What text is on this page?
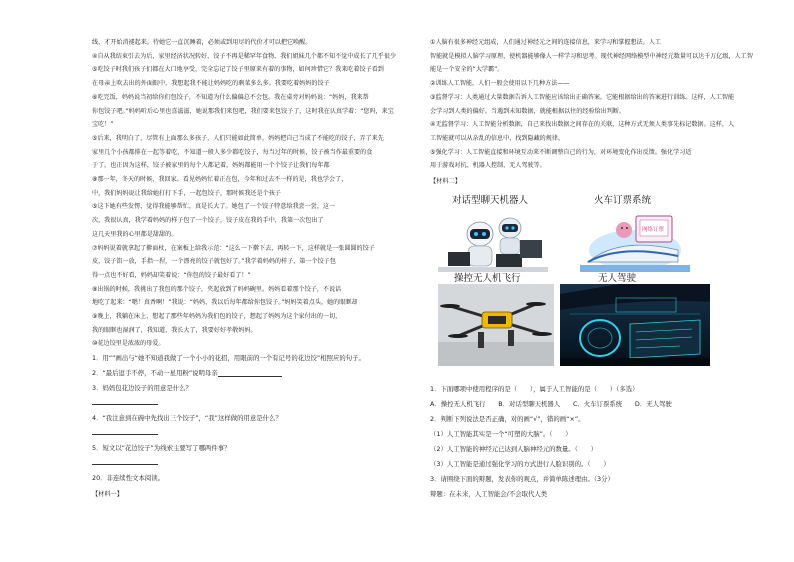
线，才开始消褪起来。待她它一直沉睡着，必须或到用尽的代价才可以把它唤醒。

④自从我结束引去为后，家里经济状况转好，饺子不再是稀罕年食物，我们姐妹几个都不知不觉中成长了几乎很少

⑤吃饺子时我们孩子们都在大口地享受，完全忘记了饺子里原来有着的事物，如何珍惜它？我来吃着饺子看到

在母亲上吹去出的外面眼中，我想起我不能让妈妈吃的剩菜多么多。我要吃着妈妈的饺子

⑥吃完饭，妈妈说当初给你们包饺子，不知道为什么偏偏总不会包。我在桌旁对妈妈说：“妈妈，我来帮

你包饺子吧。”妈妈听后心里也喜滋滋，她说那我们来包吧，我们要来包饺子了，这时我在认真学着：“您吗，来宝

宝吃！”

⑤后来，我明白了，尽管有上面那么多孩子，人们只能如此简单，妈妈把自己当成了不能吃的饺子，弄了来先

家里几个小孩都排在一起等着吃，不知道一般人多少都吃饺子，每当过年的时候，饺子被当作最重要的食

于了。也正因为这样，饺子被家里的每个人都记着，妈妈都能用一个个饺子让我们每年都

⑧那一年，冬天的时候，我回家。看见妈妈忙着正在包，今年和过去不一样的是，我也学会了，

中，我们妈妈说让我给她打打下手，一起包饺子，那时候我还是个孩子

⑤这下她有些发愣，觉得我能够帮忙，真是长大了。她包了一个饺子特意给我尝一尝，这一

次，我很认真，我学着妈妈的样子包了一个饺子，饺子皮在我的手中，我第一次包出了

这几天里我的心里都是甜甜的。

⑦妈妈说着就拿起了擀面杖，在案板上给我示范：“这么一下擀下去，再转一下，这样就是一张圆圆的饺子

皮，饺子馅一放，手指一捏，一个漂亮的饺子就包好了。”我学着妈妈的样子，第一个饺子包

得一点也不好看，妈妈却笑着说：“你包的饺子最好看了！”

⑧出锅的时候，我挑出了我包的那个饺子，夹起放到了妈妈碗里。妈妈看着那个饺子，不说话

地吃了起来：“嗯！真香啊！”我说：“妈妈，我以后每年都给你包饺子。”妈妈笑着点头，她的眼眶却

⑨晚上，我躺在床上，想起了那些年妈妈为我们包的饺子，想起了妈妈为这个家付出的一切，

我的眼眶也湿润了，我知道，我长大了，我要好好孝敬妈妈。

⑩花边饺里是浓浓的母爱。

1．用“”画出与“她不知道我做了一个小小的花招，用眼前的一个有记号的花边饺”相照应的句子。

2．“最后逗手不停，不动一星用粉”说明母亲

3．妈妈包花边饺子的用意是什么？

4．“我注意到在碗中先找出三个饺子”，“我”这样做的用意是什么？

5．短文以“花边饺子”为线索主要写了哪两件事？

20．非连续性文本阅读。

【材料一】

①人脑有很多神经元组成，人们通过神经元之间的连接信息，来学习和掌握想法。人工

智能就是模拟人脑学习原理，使机器能够像人一样学习和思考。现代神经网络模型中神经元数量可以达千万亿级，人工智

能是一个安全的“大学霸”。

②训练人工智能，人们一般会使用以下几种方法——

③监督学习：人类通过大量数据告诉人工智能应该给出正确答案，它能根据给出的答案进行训练。这样，人工智能

会学习到人类的偏好。当遇到未知数据，就能根据以往的经验给出判断。

④无监督学习：人工智能分析数据，自己来找出数据之间存在的关联，这种方式无须人类事先标记数据。这样，人

工智能就可以从杂乱的信息中，找到隐藏的规律。

⑤强化学习：人工智能直接和环境互动来不断调整自己的行为，对环境变化作出反馈。强化学习适

用于游戏对抗、机器人控制、无人驾驶等。

【材料二】

对话型聊天机器人	火车订票系统
网络订票
操控无人机飞行	无人驾驶

1．下面哪项中使用程序的是（　　），属于人工智能的是（　　）（多选）

A．操控无人机飞行　　B．对话型聊天机器人　　C．火车订票系统　　D．无人驾驶

2．判断下列说法是否正确，对的画“√”，错的画“×”。

（1）人工智能其实是一个“可塑的大脑”。（　　）

（2）人工智能的神经元已达到人脑神经元的数量。（　　）

（3）人工智能是通过强化学习的方式进行人脸识别的。（　　）

3．请围绕下面的辩题，发表你的观点，并简单陈述理由。（3分）

辩题：在未来，人工智能会/不会取代人类
